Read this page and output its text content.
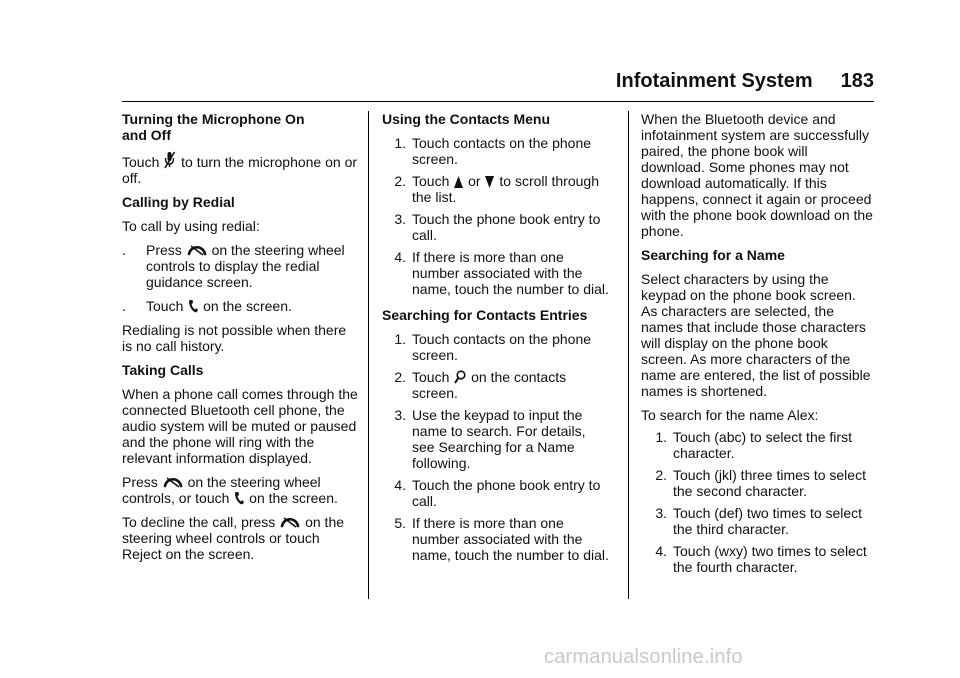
Infotainment System 183
Turning the Microphone On and Off
Touch to turn the microphone on or off.
Calling by Redial
To call by using redial:
.	Press on the steering wheel controls to display the redial guidance screen.
.	Touch on the screen.
Redialing is not possible when there is no call history.
Taking Calls
When a phone call comes through the connected Bluetooth cell phone, the audio system will be muted or paused and the phone will ring with the relevant information displayed.
Press on the steering wheel controls, or touch on the screen.
To decline the call, press on the steering wheel controls or touch Reject on the screen.
Using the Contacts Menu
1. Touch contacts on the phone screen.
2. Touch or to scroll through the list.
3. Touch the phone book entry to call.
4. If there is more than one number associated with the name, touch the number to dial.
Searching for Contacts Entries
1. Touch contacts on the phone screen.
2. Touch on the contacts screen.
3. Use the keypad to input the name to search. For details, see Searching for a Name following.
4. Touch the phone book entry to call.
5. If there is more than one number associated with the name, touch the number to dial.
When the Bluetooth device and infotainment system are successfully paired, the phone book will download. Some phones may not download automatically. If this happens, connect it again or proceed with the phone book download on the phone.
Searching for a Name
Select characters by using the keypad on the phone book screen. As characters are selected, the names that include those characters will display on the phone book screen. As more characters of the name are entered, the list of possible names is shortened.
To search for the name Alex:
1. Touch (abc) to select the first character.
2. Touch (jkl) three times to select the second character.
3. Touch (def) two times to select the third character.
4. Touch (wxy) two times to select the fourth character.
carmanualsonline.info
